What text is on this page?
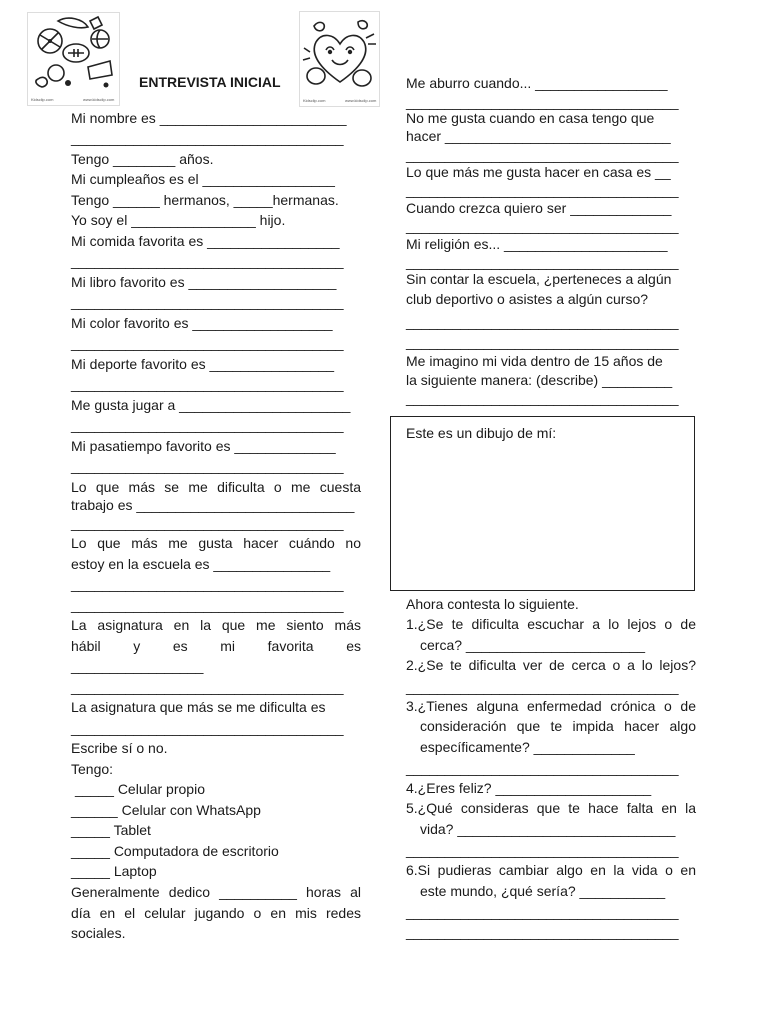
Kidsclip.com	www.kidsclip.com
ENTREVISTA INICIAL
Kidsclip.com	www.kidsclip.com
Mi nombre es ________________________
___________________________________
Tengo ________ años.
Mi cumpleaños es el _________________
Tengo ______ hermanos, _____hermanas.
Yo soy el ________________ hijo.
Mi comida favorita es _________________
___________________________________
Mi libro favorito es ___________________
___________________________________
Mi color favorito es __________________
___________________________________
Mi deporte favorito es ________________
___________________________________
Me gusta jugar a ______________________
___________________________________
Mi pasatiempo favorito es _____________
___________________________________
Lo que más se me dificulta o me cuesta
trabajo es ____________________________
___________________________________
Lo que más me gusta hacer cuándo no
estoy en la escuela es _______________
___________________________________
___________________________________
La asignatura en la que me siento más
hábil y es mi favorita es
_________________
___________________________________
La asignatura que más se me dificulta es
___________________________________
Escribe sí o no.
Tengo:
_____ Celular propio
______ Celular con WhatsApp
_____ Tablet
_____ Computadora de escritorio
_____ Laptop
Generalmente dedico __________ horas al
día en el celular jugando o en mis redes
sociales.
Me aburro cuando... _________________
___________________________________
No me gusta cuando en casa tengo que
hacer _____________________________
___________________________________
Lo que más me gusta hacer en casa es __
___________________________________
Cuando crezca quiero ser _____________
___________________________________
Mi religión es... _____________________
___________________________________
Sin contar la escuela, ¿perteneces a algún
club deportivo o asistes a algún curso?
___________________________________
___________________________________
Me imagino mi vida dentro de 15 años de
la siguiente manera: (describe) _________
___________________________________
Ahora contesta lo siguiente.
1.¿Se te dificulta escuchar a lo lejos o de
cerca? _______________________
2.¿Se te dificulta ver de cerca o a lo lejos?
___________________________________
3.¿Tienes alguna enfermedad crónica o de
consideración que te impida hacer algo
específicamente? _____________
___________________________________
4.¿Eres feliz? ____________________
5.¿Qué consideras que te hace falta en la
vida? ____________________________
___________________________________
6.Si pudieras cambiar algo en la vida o en
este mundo, ¿qué sería? ___________
___________________________________
___________________________________
Este es un dibujo de mí:
